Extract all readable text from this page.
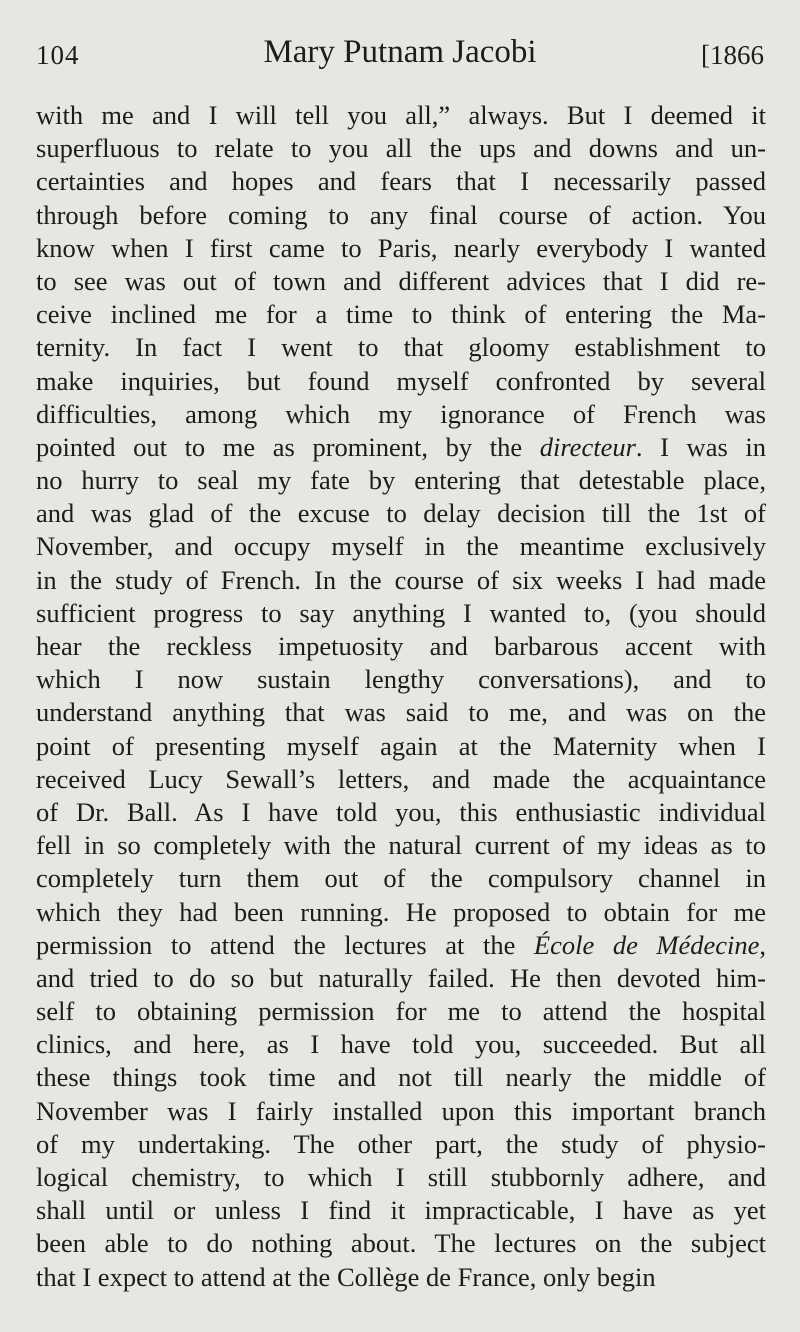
104	Mary Putnam Jacobi	[1866
with me and I will tell you all,” always. But I deemed it
superfluous to relate to you all the ups and downs and un-
certainties and hopes and fears that I necessarily passed
through before coming to any final course of action. You
know when I first came to Paris, nearly everybody I wanted
to see was out of town and different advices that I did re-
ceive inclined me for a time to think of entering the Ma-
ternity. In fact I went to that gloomy establishment to
make inquiries, but found myself confronted by several
difficulties, among which my ignorance of French was
pointed out to me as prominent, by the directeur. I was in
no hurry to seal my fate by entering that detestable place,
and was glad of the excuse to delay decision till the 1st of
November, and occupy myself in the meantime exclusively
in the study of French. In the course of six weeks I had made
sufficient progress to say anything I wanted to, (you should
hear the reckless impetuosity and barbarous accent with
which I now sustain lengthy conversations), and to
understand anything that was said to me, and was on the
point of presenting myself again at the Maternity when I
received Lucy Sewall’s letters, and made the acquaintance
of Dr. Ball. As I have told you, this enthusiastic individual
fell in so completely with the natural current of my ideas as to
completely turn them out of the compulsory channel in
which they had been running. He proposed to obtain for me
permission to attend the lectures at the École de Médecine,
and tried to do so but naturally failed. He then devoted him-
self to obtaining permission for me to attend the hospital
clinics, and here, as I have told you, succeeded. But all
these things took time and not till nearly the middle of
November was I fairly installed upon this important branch
of my undertaking. The other part, the study of physio-
logical chemistry, to which I still stubbornly adhere, and
shall until or unless I find it impracticable, I have as yet
been able to do nothing about. The lectures on the subject
that I expect to attend at the Collège de France, only begin
